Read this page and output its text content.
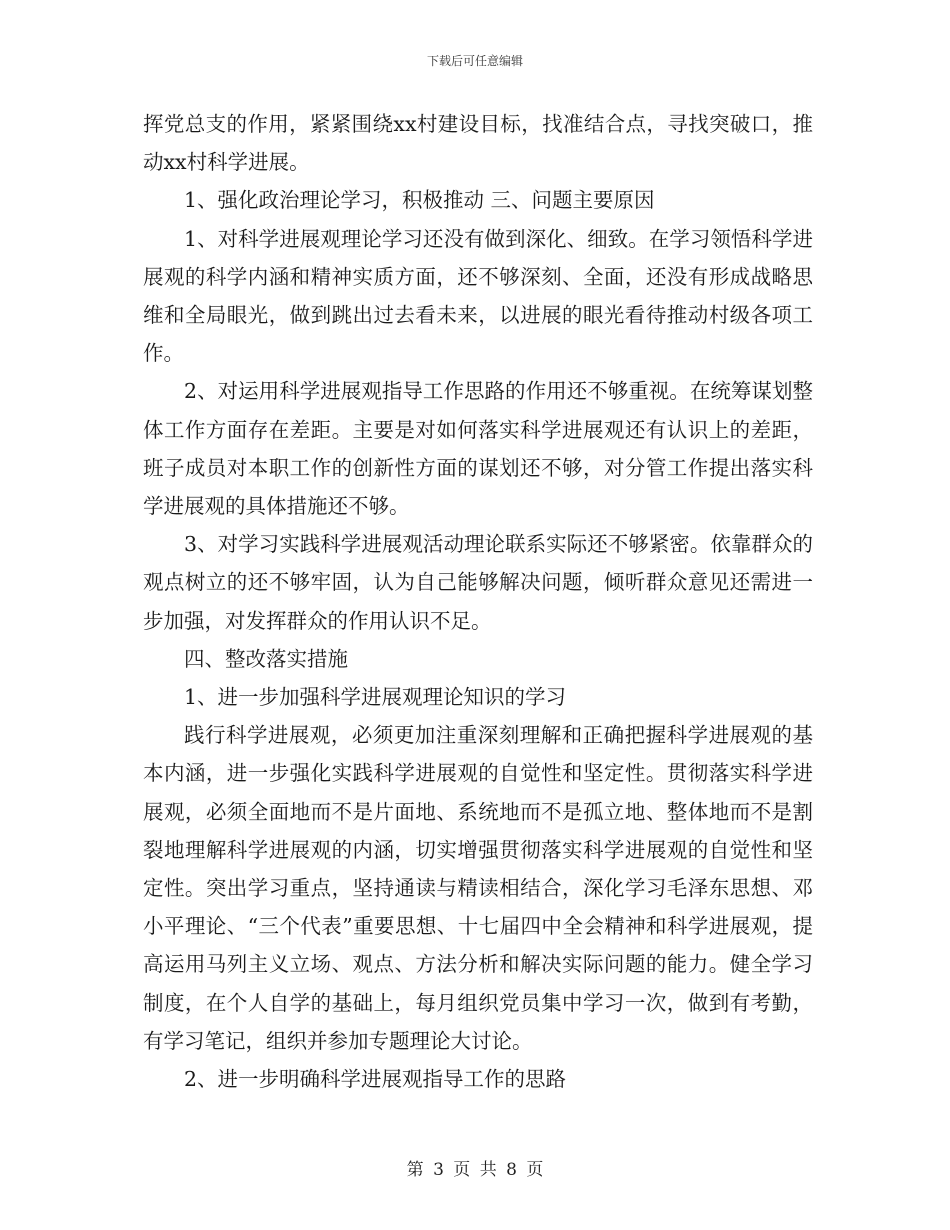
下载后可任意编辑

挥党总支的作用，紧紧围绕xx村建设目标，找准结合点，寻找突破口，推动xx村科学进展。

1、强化政治理论学习，积极推动 三、问题主要原因

1、对科学进展观理论学习还没有做到深化、细致。在学习领悟科学进展观的科学内涵和精神实质方面，还不够深刻、全面，还没有形成战略思维和全局眼光，做到跳出过去看未来，以进展的眼光看待推动村级各项工作。

2、对运用科学进展观指导工作思路的作用还不够重视。在统筹谋划整体工作方面存在差距。主要是对如何落实科学进展观还有认识上的差距，班子成员对本职工作的创新性方面的谋划还不够，对分管工作提出落实科学进展观的具体措施还不够。

3、对学习实践科学进展观活动理论联系实际还不够紧密。依靠群众的观点树立的还不够牢固，认为自己能够解决问题，倾听群众意见还需进一步加强，对发挥群众的作用认识不足。

四、整改落实措施

1、进一步加强科学进展观理论知识的学习

践行科学进展观，必须更加注重深刻理解和正确把握科学进展观的基本内涵，进一步强化实践科学进展观的自觉性和坚定性。贯彻落实科学进展观，必须全面地而不是片面地、系统地而不是孤立地、整体地而不是割裂地理解科学进展观的内涵，切实增强贯彻落实科学进展观的自觉性和坚定性。突出学习重点，坚持通读与精读相结合，深化学习毛泽东思想、邓小平理论、“三个代表”重要思想、十七届四中全会精神和科学进展观，提高运用马列主义立场、观点、方法分析和解决实际问题的能力。健全学习制度，在个人自学的基础上，每月组织党员集中学习一次，做到有考勤，有学习笔记，组织并参加专题理论大讨论。

2、进一步明确科学进展观指导工作的思路

第 3 页 共 8 页
